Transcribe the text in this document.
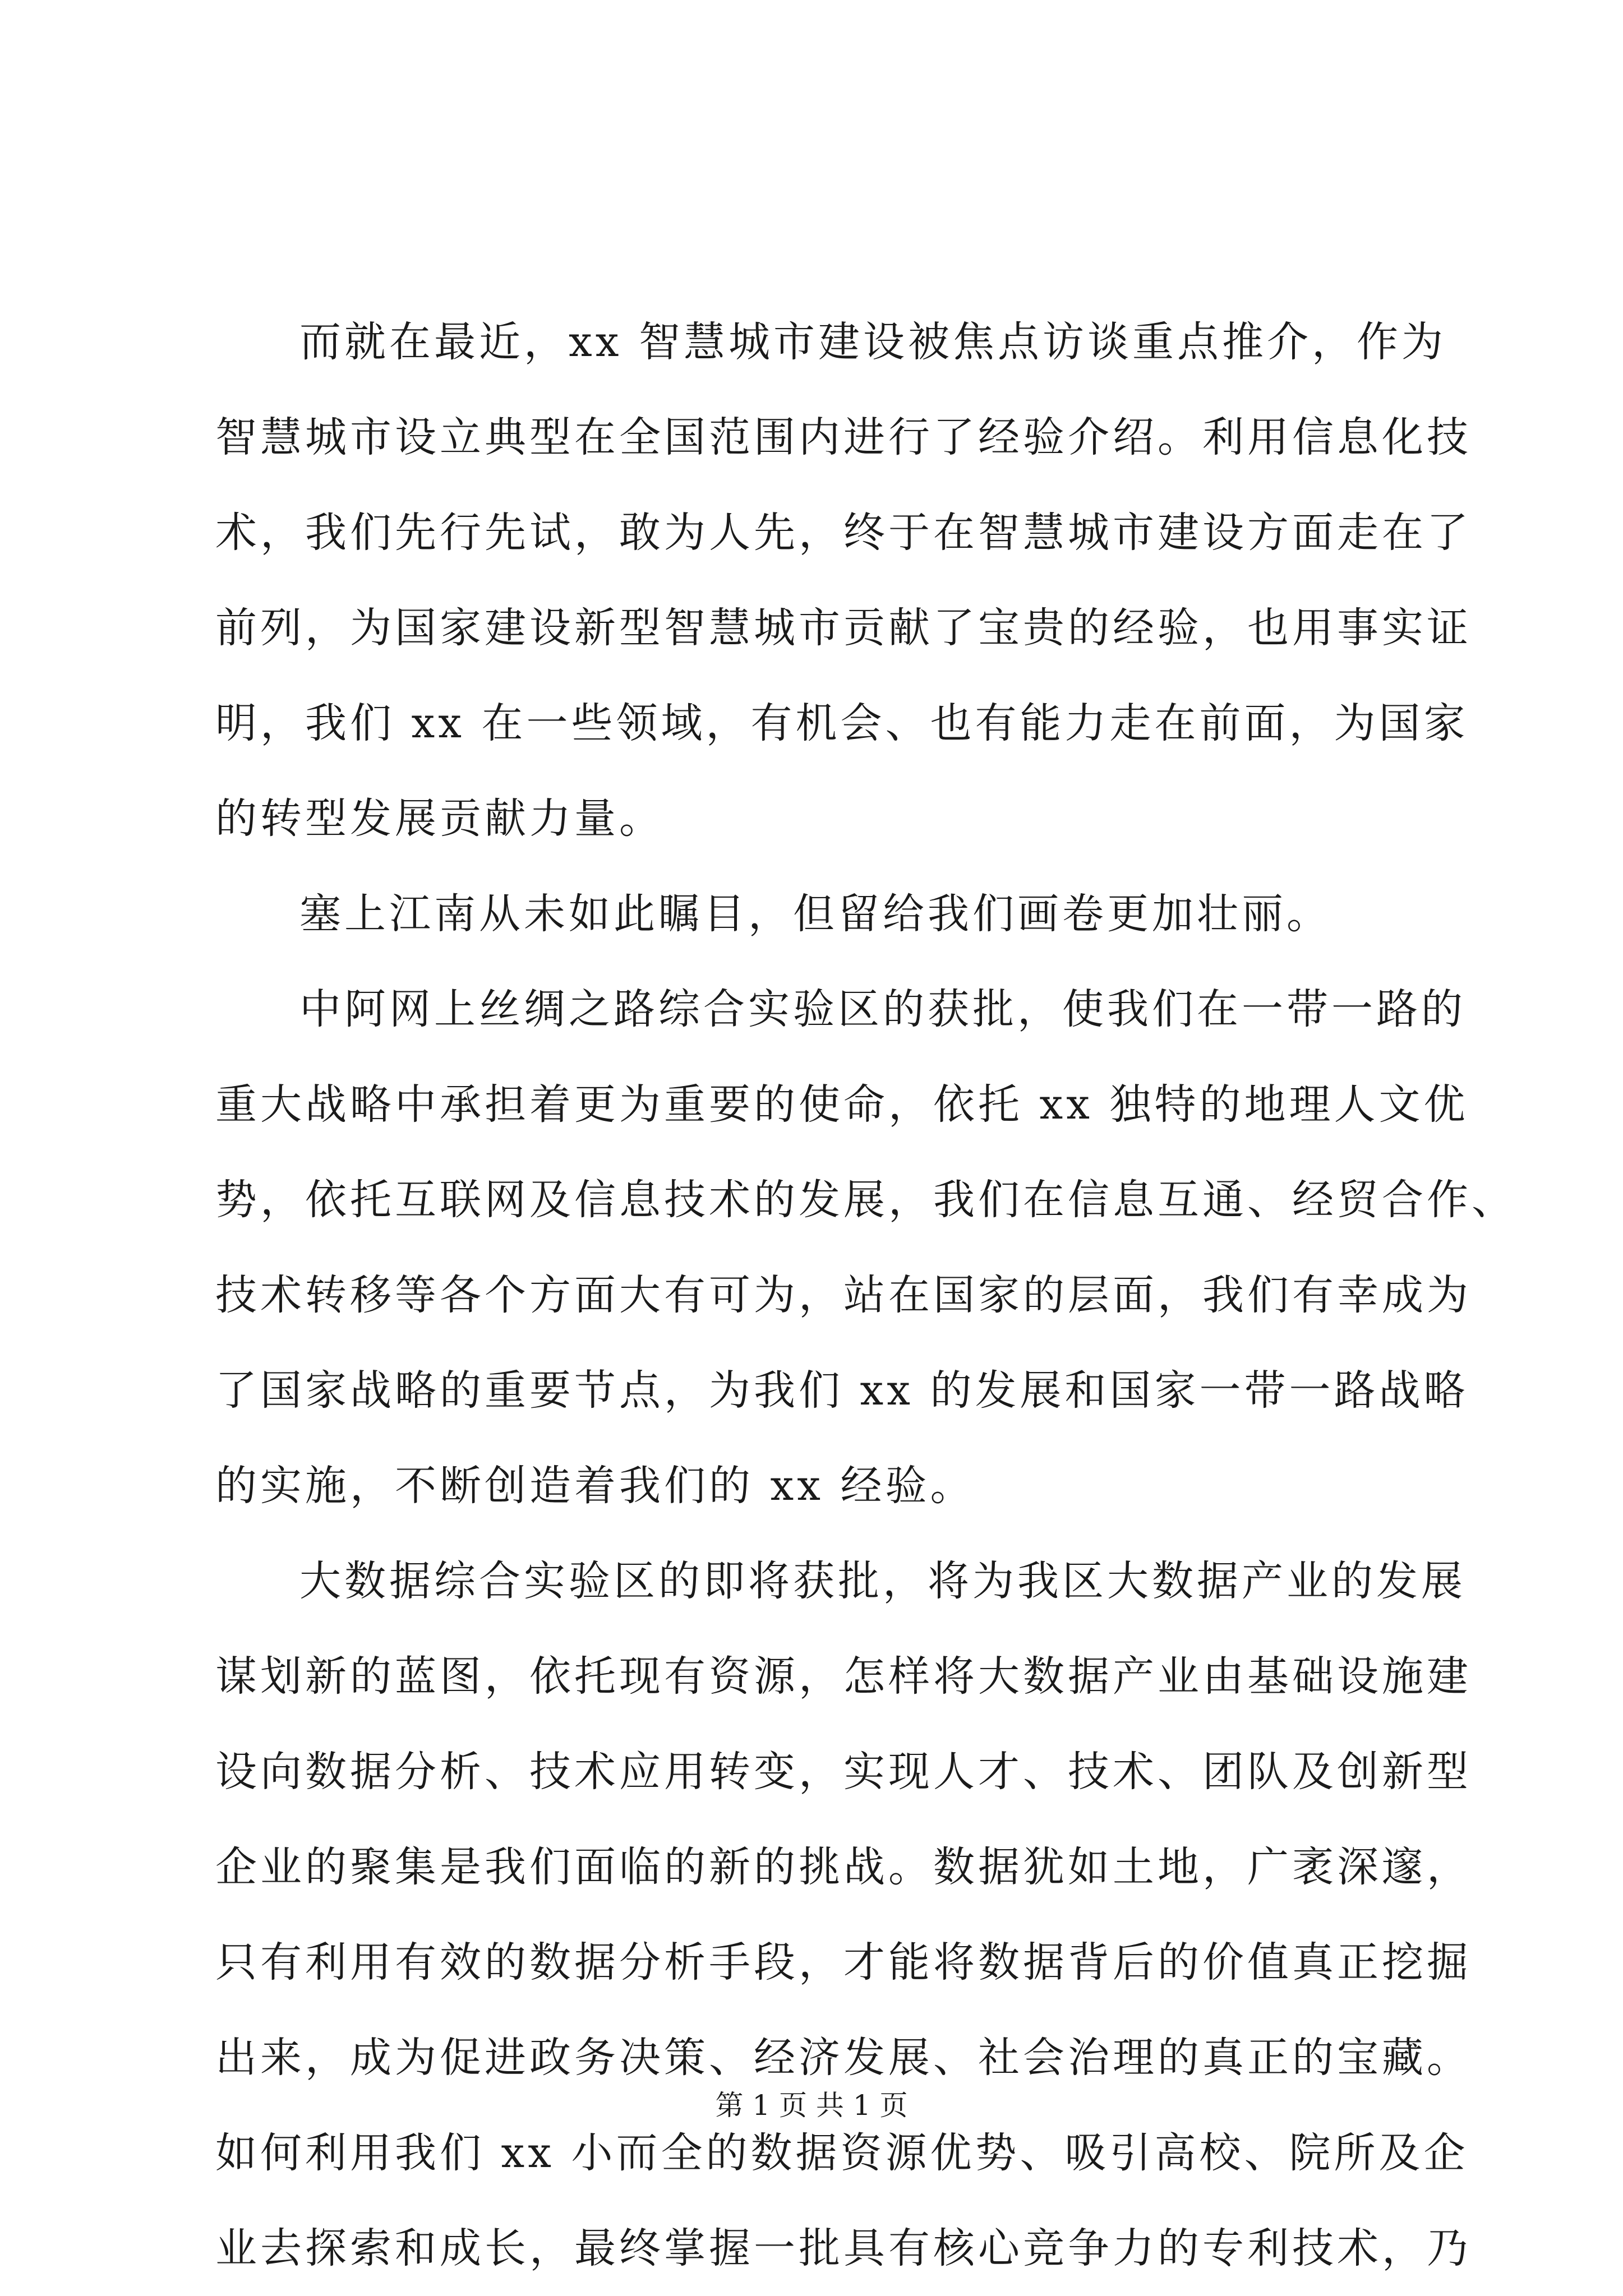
而就在最近，xx 智慧城市建设被焦点访谈重点推介，作为
智慧城市设立典型在全国范围内进行了经验介绍。利用信息化技
术，我们先行先试，敢为人先，终于在智慧城市建设方面走在了
前列，为国家建设新型智慧城市贡献了宝贵的经验，也用事实证
明，我们 xx 在一些领域，有机会、也有能力走在前面，为国家
的转型发展贡献力量。
塞上江南从未如此瞩目，但留给我们画卷更加壮丽。
中阿网上丝绸之路综合实验区的获批，使我们在一带一路的
重大战略中承担着更为重要的使命，依托 xx 独特的地理人文优
势，依托互联网及信息技术的发展，我们在信息互通、经贸合作、
技术转移等各个方面大有可为，站在国家的层面，我们有幸成为
了国家战略的重要节点，为我们 xx 的发展和国家一带一路战略
的实施，不断创造着我们的 xx 经验。
大数据综合实验区的即将获批，将为我区大数据产业的发展
谋划新的蓝图，依托现有资源，怎样将大数据产业由基础设施建
设向数据分析、技术应用转变，实现人才、技术、团队及创新型
企业的聚集是我们面临的新的挑战。数据犹如土地，广袤深邃，
只有利用有效的数据分析手段，才能将数据背后的价值真正挖掘
出来，成为促进政务决策、经济发展、社会治理的真正的宝藏。
如何利用我们 xx 小而全的数据资源优势、吸引高校、院所及企
业去探索和成长，最终掌握一批具有核心竞争力的专利技术，乃
第 1 页 共 1 页
